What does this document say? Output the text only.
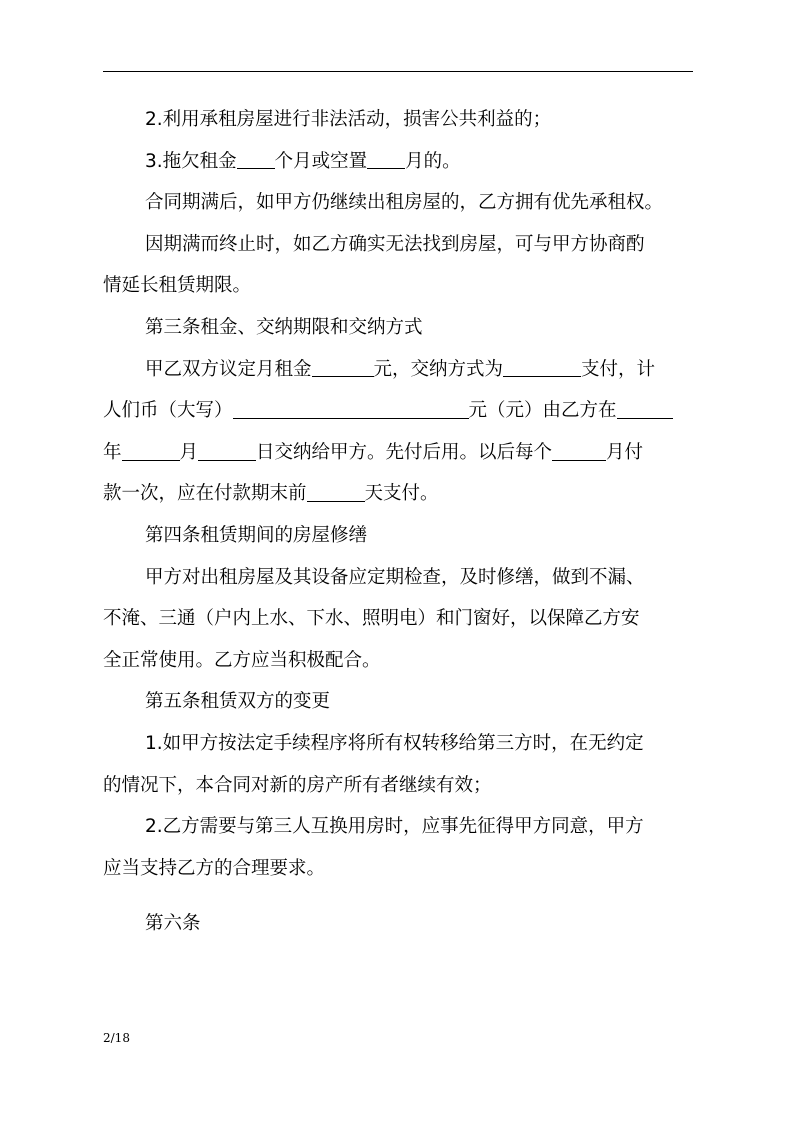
2.利用承租房屋进行非法活动，损害公共利益的；
3.拖欠租金 个月或空置 月的。
合同期满后，如甲方仍继续出租房屋的，乙方拥有优先承租权。
因期满而终止时，如乙方确实无法找到房屋，可与甲方协商酌
情延长租赁期限。
第三条租金、交纳期限和交纳方式
甲乙双方议定月租金	元，交纳方式为	支付，计
人们币（大写）	元（元）由乙方在
年	月	日交纳给甲方。先付后用。以后每个	月付
款一次，应在付款期末前	天支付。
第四条租赁期间的房屋修缮
甲方对出租房屋及其设备应定期检查，及时修缮，做到不漏、
不淹、三通（户内上水、下水、照明电）和门窗好，以保障乙方安
全正常使用。乙方应当积极配合。
第五条租赁双方的变更
1.如甲方按法定手续程序将所有权转移给第三方时，在无约定
的情况下，本合同对新的房产所有者继续有效；
2.乙方需要与第三人互换用房时，应事先征得甲方同意，甲方
应当支持乙方的合理要求。
第六条
2/18
